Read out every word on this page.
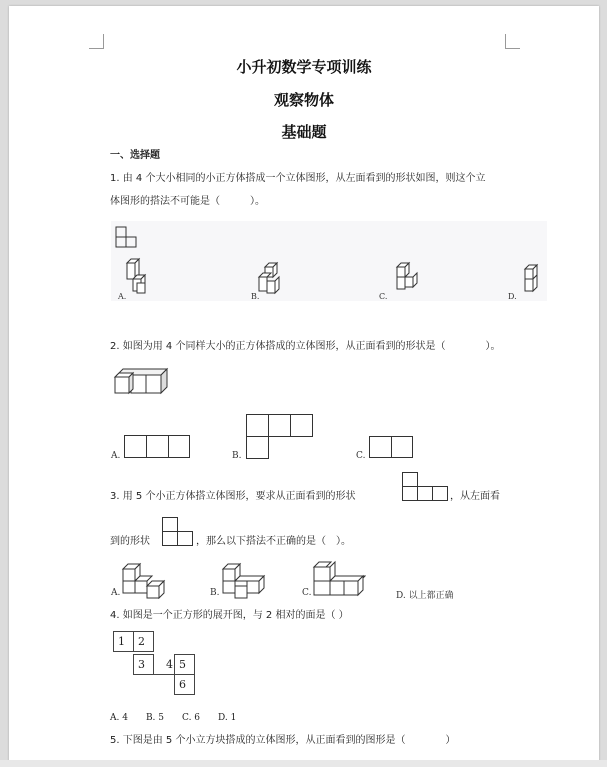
小升初数学专项训练
观察物体
基础题
一、选择题
1. 由 4 个大小相同的小正方体搭成一个立体图形，从左面看到的形状如图，则这个立
体图形的搭法不可能是（　　　）。
A.	B.	C.	D.
2. 如图为用 4 个同样大小的正方体搭成的立体图形，从正面看到的形状是（　　　　）。
A.	B.	C.
3. 用 5 个小正方体搭立体图形，要求从正面看到的形状	，从左面看
到的形状	，那么以下搭法不正确的是（　）。
A.	B.	C.	D. 以上都正确
4. 如图是一个正方形的展开图，与 2 相对的面是（ ）
1	2
3	4 5
6
A. 4　　B. 5　　C. 6　　D. 1
5. 下图是由 5 个小立方块搭成的立体图形，从正面看到的图形是（　　　　）
